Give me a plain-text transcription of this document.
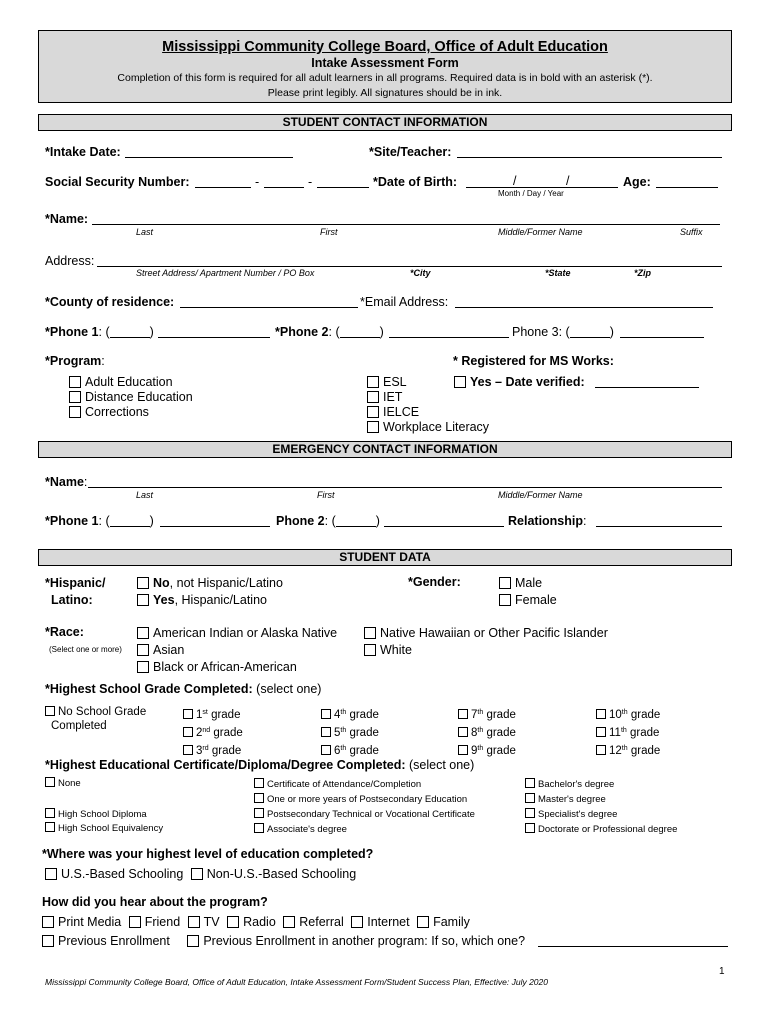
Mississippi Community College Board, Office of Adult Education
Intake Assessment Form
Completion of this form is required for all adult learners in all programs. Required data is in bold with an asterisk (*).
Please print legibly. All signatures should be in ink.
STUDENT CONTACT INFORMATION
*Intake Date:	*Site/Teacher:
Social Security Number:	-	-	*Date of Birth:	/	/
Month / Day / Year
Age:
*Name:
Last	First	Middle/Former Name	Suffix
Address:
Street Address/ Apartment Number / PO Box	*City	*State	*Zip
*County of residence:	*Email Address:
*Phone 1: (	)	*Phone 2: (	)	Phone 3: (	)
*Program:
Adult Education
Distance Education
Corrections
ESL
IET
IELCE
Workplace Literacy
* Registered for MS Works:
Yes – Date verified:
EMERGENCY CONTACT INFORMATION
*Name:
Last	First	Middle/Former Name
*Phone 1: (	)	Phone 2: (	)	Relationship:
STUDENT DATA
*Hispanic/
Latino:
No, not Hispanic/Latino
Yes, Hispanic/Latino
*Gender:	Male
Female
*Race:
(Select one or more)
American Indian or Alaska Native
Asian
Black or African-American
Native Hawaiian or Other Pacific Islander
White
*Highest School Grade Completed: (select one)
No School Grade
Completed
1st grade
2nd grade
3rd grade
4th grade
5th grade
6th grade
7th grade
8th grade
9th grade
10th grade
11th grade
12th grade
*Highest Educational Certificate/Diploma/Degree Completed: (select one)
None
High School Diploma
High School Equivalency
Certificate of Attendance/Completion
One or more years of Postsecondary Education
Postsecondary Technical or Vocational Certificate
Associate's degree
Bachelor's degree
Master's degree
Specialist's degree
Doctorate or Professional degree
*Where was your highest level of education completed?
U.S.-Based Schooling Non-U.S.-Based Schooling
How did you hear about the program?
Print Media Friend TV Radio Referral Internet Family
Previous Enrollment	Previous Enrollment in another program: If so, which one?
1
Mississippi Community College Board, Office of Adult Education, Intake Assessment Form/Student Success Plan, Effective: July 2020
